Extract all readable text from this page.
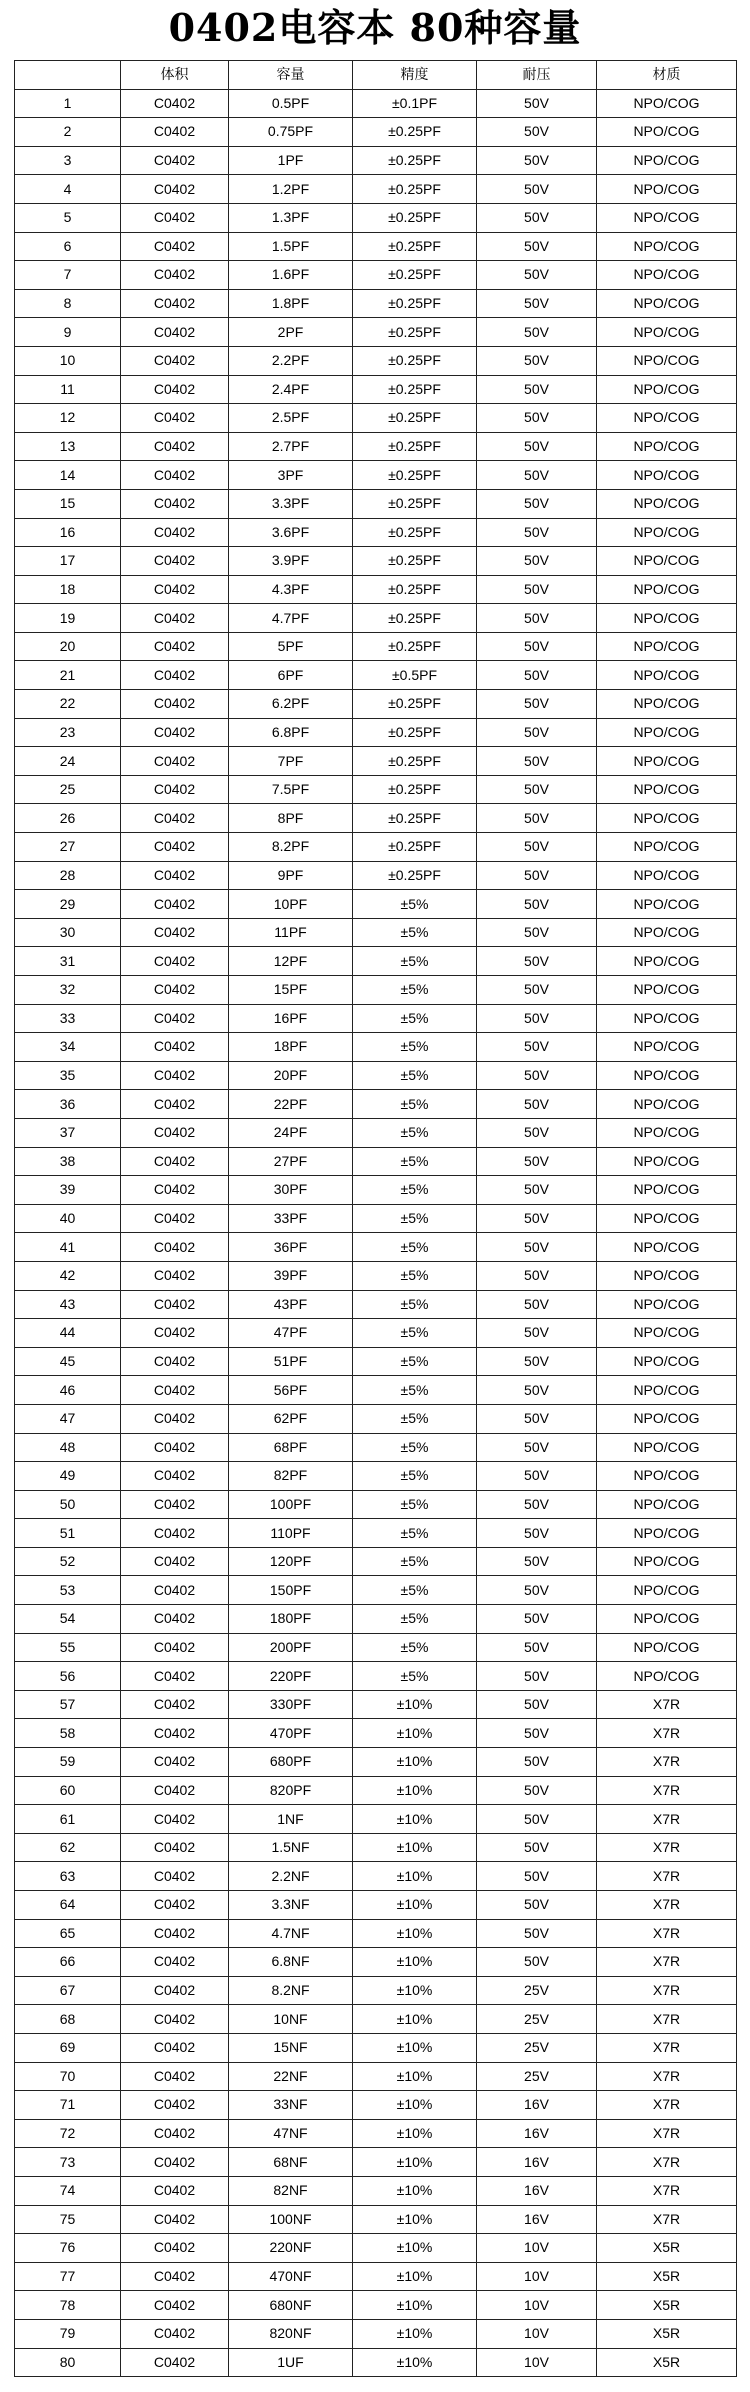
0402电容本 80种容量
	体积	容量	精度	耐压	材质
1	C0402	0.5PF	±0.1PF	50V	NPO/COG
2	C0402	0.75PF	±0.25PF	50V	NPO/COG
3	C0402	1PF	±0.25PF	50V	NPO/COG
4	C0402	1.2PF	±0.25PF	50V	NPO/COG
5	C0402	1.3PF	±0.25PF	50V	NPO/COG
6	C0402	1.5PF	±0.25PF	50V	NPO/COG
7	C0402	1.6PF	±0.25PF	50V	NPO/COG
8	C0402	1.8PF	±0.25PF	50V	NPO/COG
9	C0402	2PF	±0.25PF	50V	NPO/COG
10	C0402	2.2PF	±0.25PF	50V	NPO/COG
11	C0402	2.4PF	±0.25PF	50V	NPO/COG
12	C0402	2.5PF	±0.25PF	50V	NPO/COG
13	C0402	2.7PF	±0.25PF	50V	NPO/COG
14	C0402	3PF	±0.25PF	50V	NPO/COG
15	C0402	3.3PF	±0.25PF	50V	NPO/COG
16	C0402	3.6PF	±0.25PF	50V	NPO/COG
17	C0402	3.9PF	±0.25PF	50V	NPO/COG
18	C0402	4.3PF	±0.25PF	50V	NPO/COG
19	C0402	4.7PF	±0.25PF	50V	NPO/COG
20	C0402	5PF	±0.25PF	50V	NPO/COG
21	C0402	6PF	±0.5PF	50V	NPO/COG
22	C0402	6.2PF	±0.25PF	50V	NPO/COG
23	C0402	6.8PF	±0.25PF	50V	NPO/COG
24	C0402	7PF	±0.25PF	50V	NPO/COG
25	C0402	7.5PF	±0.25PF	50V	NPO/COG
26	C0402	8PF	±0.25PF	50V	NPO/COG
27	C0402	8.2PF	±0.25PF	50V	NPO/COG
28	C0402	9PF	±0.25PF	50V	NPO/COG
29	C0402	10PF	±5%	50V	NPO/COG
30	C0402	11PF	±5%	50V	NPO/COG
31	C0402	12PF	±5%	50V	NPO/COG
32	C0402	15PF	±5%	50V	NPO/COG
33	C0402	16PF	±5%	50V	NPO/COG
34	C0402	18PF	±5%	50V	NPO/COG
35	C0402	20PF	±5%	50V	NPO/COG
36	C0402	22PF	±5%	50V	NPO/COG
37	C0402	24PF	±5%	50V	NPO/COG
38	C0402	27PF	±5%	50V	NPO/COG
39	C0402	30PF	±5%	50V	NPO/COG
40	C0402	33PF	±5%	50V	NPO/COG
41	C0402	36PF	±5%	50V	NPO/COG
42	C0402	39PF	±5%	50V	NPO/COG
43	C0402	43PF	±5%	50V	NPO/COG
44	C0402	47PF	±5%	50V	NPO/COG
45	C0402	51PF	±5%	50V	NPO/COG
46	C0402	56PF	±5%	50V	NPO/COG
47	C0402	62PF	±5%	50V	NPO/COG
48	C0402	68PF	±5%	50V	NPO/COG
49	C0402	82PF	±5%	50V	NPO/COG
50	C0402	100PF	±5%	50V	NPO/COG
51	C0402	110PF	±5%	50V	NPO/COG
52	C0402	120PF	±5%	50V	NPO/COG
53	C0402	150PF	±5%	50V	NPO/COG
54	C0402	180PF	±5%	50V	NPO/COG
55	C0402	200PF	±5%	50V	NPO/COG
56	C0402	220PF	±5%	50V	NPO/COG
57	C0402	330PF	±10%	50V	X7R
58	C0402	470PF	±10%	50V	X7R
59	C0402	680PF	±10%	50V	X7R
60	C0402	820PF	±10%	50V	X7R
61	C0402	1NF	±10%	50V	X7R
62	C0402	1.5NF	±10%	50V	X7R
63	C0402	2.2NF	±10%	50V	X7R
64	C0402	3.3NF	±10%	50V	X7R
65	C0402	4.7NF	±10%	50V	X7R
66	C0402	6.8NF	±10%	50V	X7R
67	C0402	8.2NF	±10%	25V	X7R
68	C0402	10NF	±10%	25V	X7R
69	C0402	15NF	±10%	25V	X7R
70	C0402	22NF	±10%	25V	X7R
71	C0402	33NF	±10%	16V	X7R
72	C0402	47NF	±10%	16V	X7R
73	C0402	68NF	±10%	16V	X7R
74	C0402	82NF	±10%	16V	X7R
75	C0402	100NF	±10%	16V	X7R
76	C0402	220NF	±10%	10V	X5R
77	C0402	470NF	±10%	10V	X5R
78	C0402	680NF	±10%	10V	X5R
79	C0402	820NF	±10%	10V	X5R
80	C0402	1UF	±10%	10V	X5R
